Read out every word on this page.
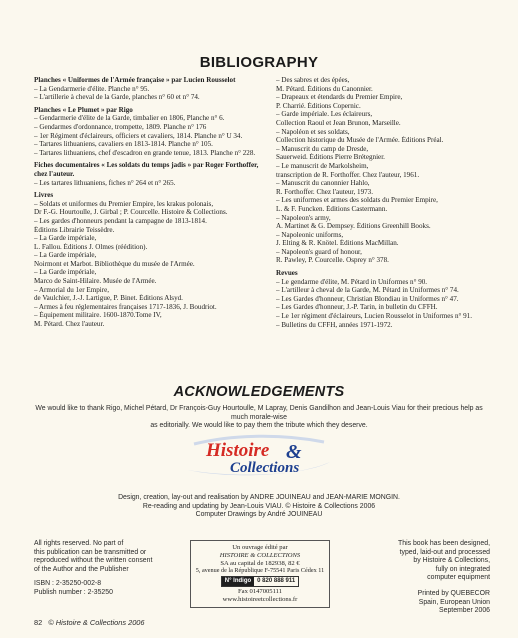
BIBLIOGRAPHY
Planches « Uniformes de l'Armée française » par Lucien Rousselot
– La Gendarmerie d'élite. Planche n° 95.
– L'artillerie à cheval de la Garde, planches n° 60 et n° 74.
Planches « Le Plumet » par Rigo
– Gendarmerie d'élite de la Garde, timbalier en 1806, Planche n° 6.
– Gendarmes d'ordonnance, trompette, 1809. Planche n° 176
– 1er Régiment d'éclaireurs, officiers et cavaliers, 1814. Planche n° U 34.
– Tartares lithuaniens, cavaliers en 1813-1814. Planche n° 105.
– Tartares lithuaniens, chef d'escadron en grande tenue, 1813. Planche n° 228.
Fiches documentaires « Les soldats du temps jadis » par Roger Forthoffer, chez l'auteur.
– Les tartares lithuaniens, fiches n° 264 et n° 265.
Livres
– Soldats et uniformes du Premier Empire, les krakus polonais,
Dr F.-G. Hourtoulle, J. Girbal ; P. Courcelle. Histoire & Collections.
– Les gardes d'honneurs pendant la campagne de 1813-1814.
Éditions Librairie Teissèdre.
– La Garde impériale,
L. Fallou. Éditions J. Olmes (réédition).
– La Garde impériale,
Noirmont et Marbot. Bibliothèque du musée de l'Armée.
– La Garde impériale,
Marco de Saint-Hilaire. Musée de l'Armée.
– Armorial du 1er Empire,
de Vaulchier, J.-J. Lartigue, P. Binet. Éditions Alsyd.
– Armes à feu réglementaires françaises 1717-1836, J. Boudriot.
– Équipement militaire. 1600-1870.Tome IV,
M. Pétard. Chez l'auteur.
– Des sabres et des épées,
M. Pétard. Éditions du Canonnier.
– Drapeaux et étendards du Premier Empire,
P. Charrié. Éditions Copernic.
– Garde impériale. Les éclaireurs,
Collection Raoul et Jean Brunon, Marseille.
– Napoléon et ses soldats,
Collection historique du Musée de l'Armée. Éditions Préal.
– Manuscrit du camp de Dresde,
Sauerweid. Éditions Pierre Brétegnier.
– Le manuscrit de Markolsheim,
transcription de R. Forthoffer. Chez l'auteur, 1961.
– Manuscrit du canonnier Hahlo,
R. Forthoffer. Chez l'auteur, 1973.
– Les uniformes et armes des soldats du Premier Empire,
L. & F. Funcken. Éditions Castermann.
– Napoleon's army,
A. Martinet & G. Dempsey. Éditions Greenhill Books.
– Napoleonic uniforms,
J. Elting & R. Knötel. Éditions MacMillan.
– Napoleon's guard of honour,
R. Pawley, P. Courcelle. Osprey n° 378.
Revues
– Le gendarme d'élite, M. Pétard in Uniformes n° 90.
– L'artilleur à cheval de la Garde, M. Pétard in Uniformes n° 74.
– Les Gardes d'honneur, Christian Blondiau in Uniformes n° 47.
– Les Gardes d'honneur, J.-P. Tarin, in bulletin du CFFH.
– Le 1er régiment d'éclaireurs, Lucien Rousselot in Uniformes n° 91.
– Bulletins du CFFH, années 1971-1972.
ACKNOWLEDGEMENTS
We would like to thank Rigo, Michel Pétard, Dr François-Guy Hourtoulle, M Lapray, Denis Gandilhon and Jean-Louis Viau for their precious help as much morale-wise
as editorially. We would like to pay them the tribute which they deserve.
Histoire &
Collections
Design, creation, lay-out and realisation by ANDRE JOUINEAU and JEAN-MARIE MONGIN.
Re-reading and updating by Jean-Louis VIAU. © Histoire & Collections 2006
Computer Drawings by André JOUINEAU
All rights reserved. No part of
this publication can be transmitted or
reproduced without the written consent
of the Author and the Publisher
ISBN : 2-35250-002-8
Publish number : 2-35250
Un ouvrage édité par
HISTOIRE & COLLECTIONS
SA au capital de 182938, 82 €
5, avenue de la République F-75541 Paris Cédex 11
N° Indigo 0 820 888 911
Fax 0147005111
www.histoireetcollections.fr
This book has been designed,
typed, laid-out and processed
by Histoire & Collections,
fully on integrated
computer equipment
Printed by QUEBECOR
Spain, European Union
September 2006
82 © Histoire & Collections 2006
